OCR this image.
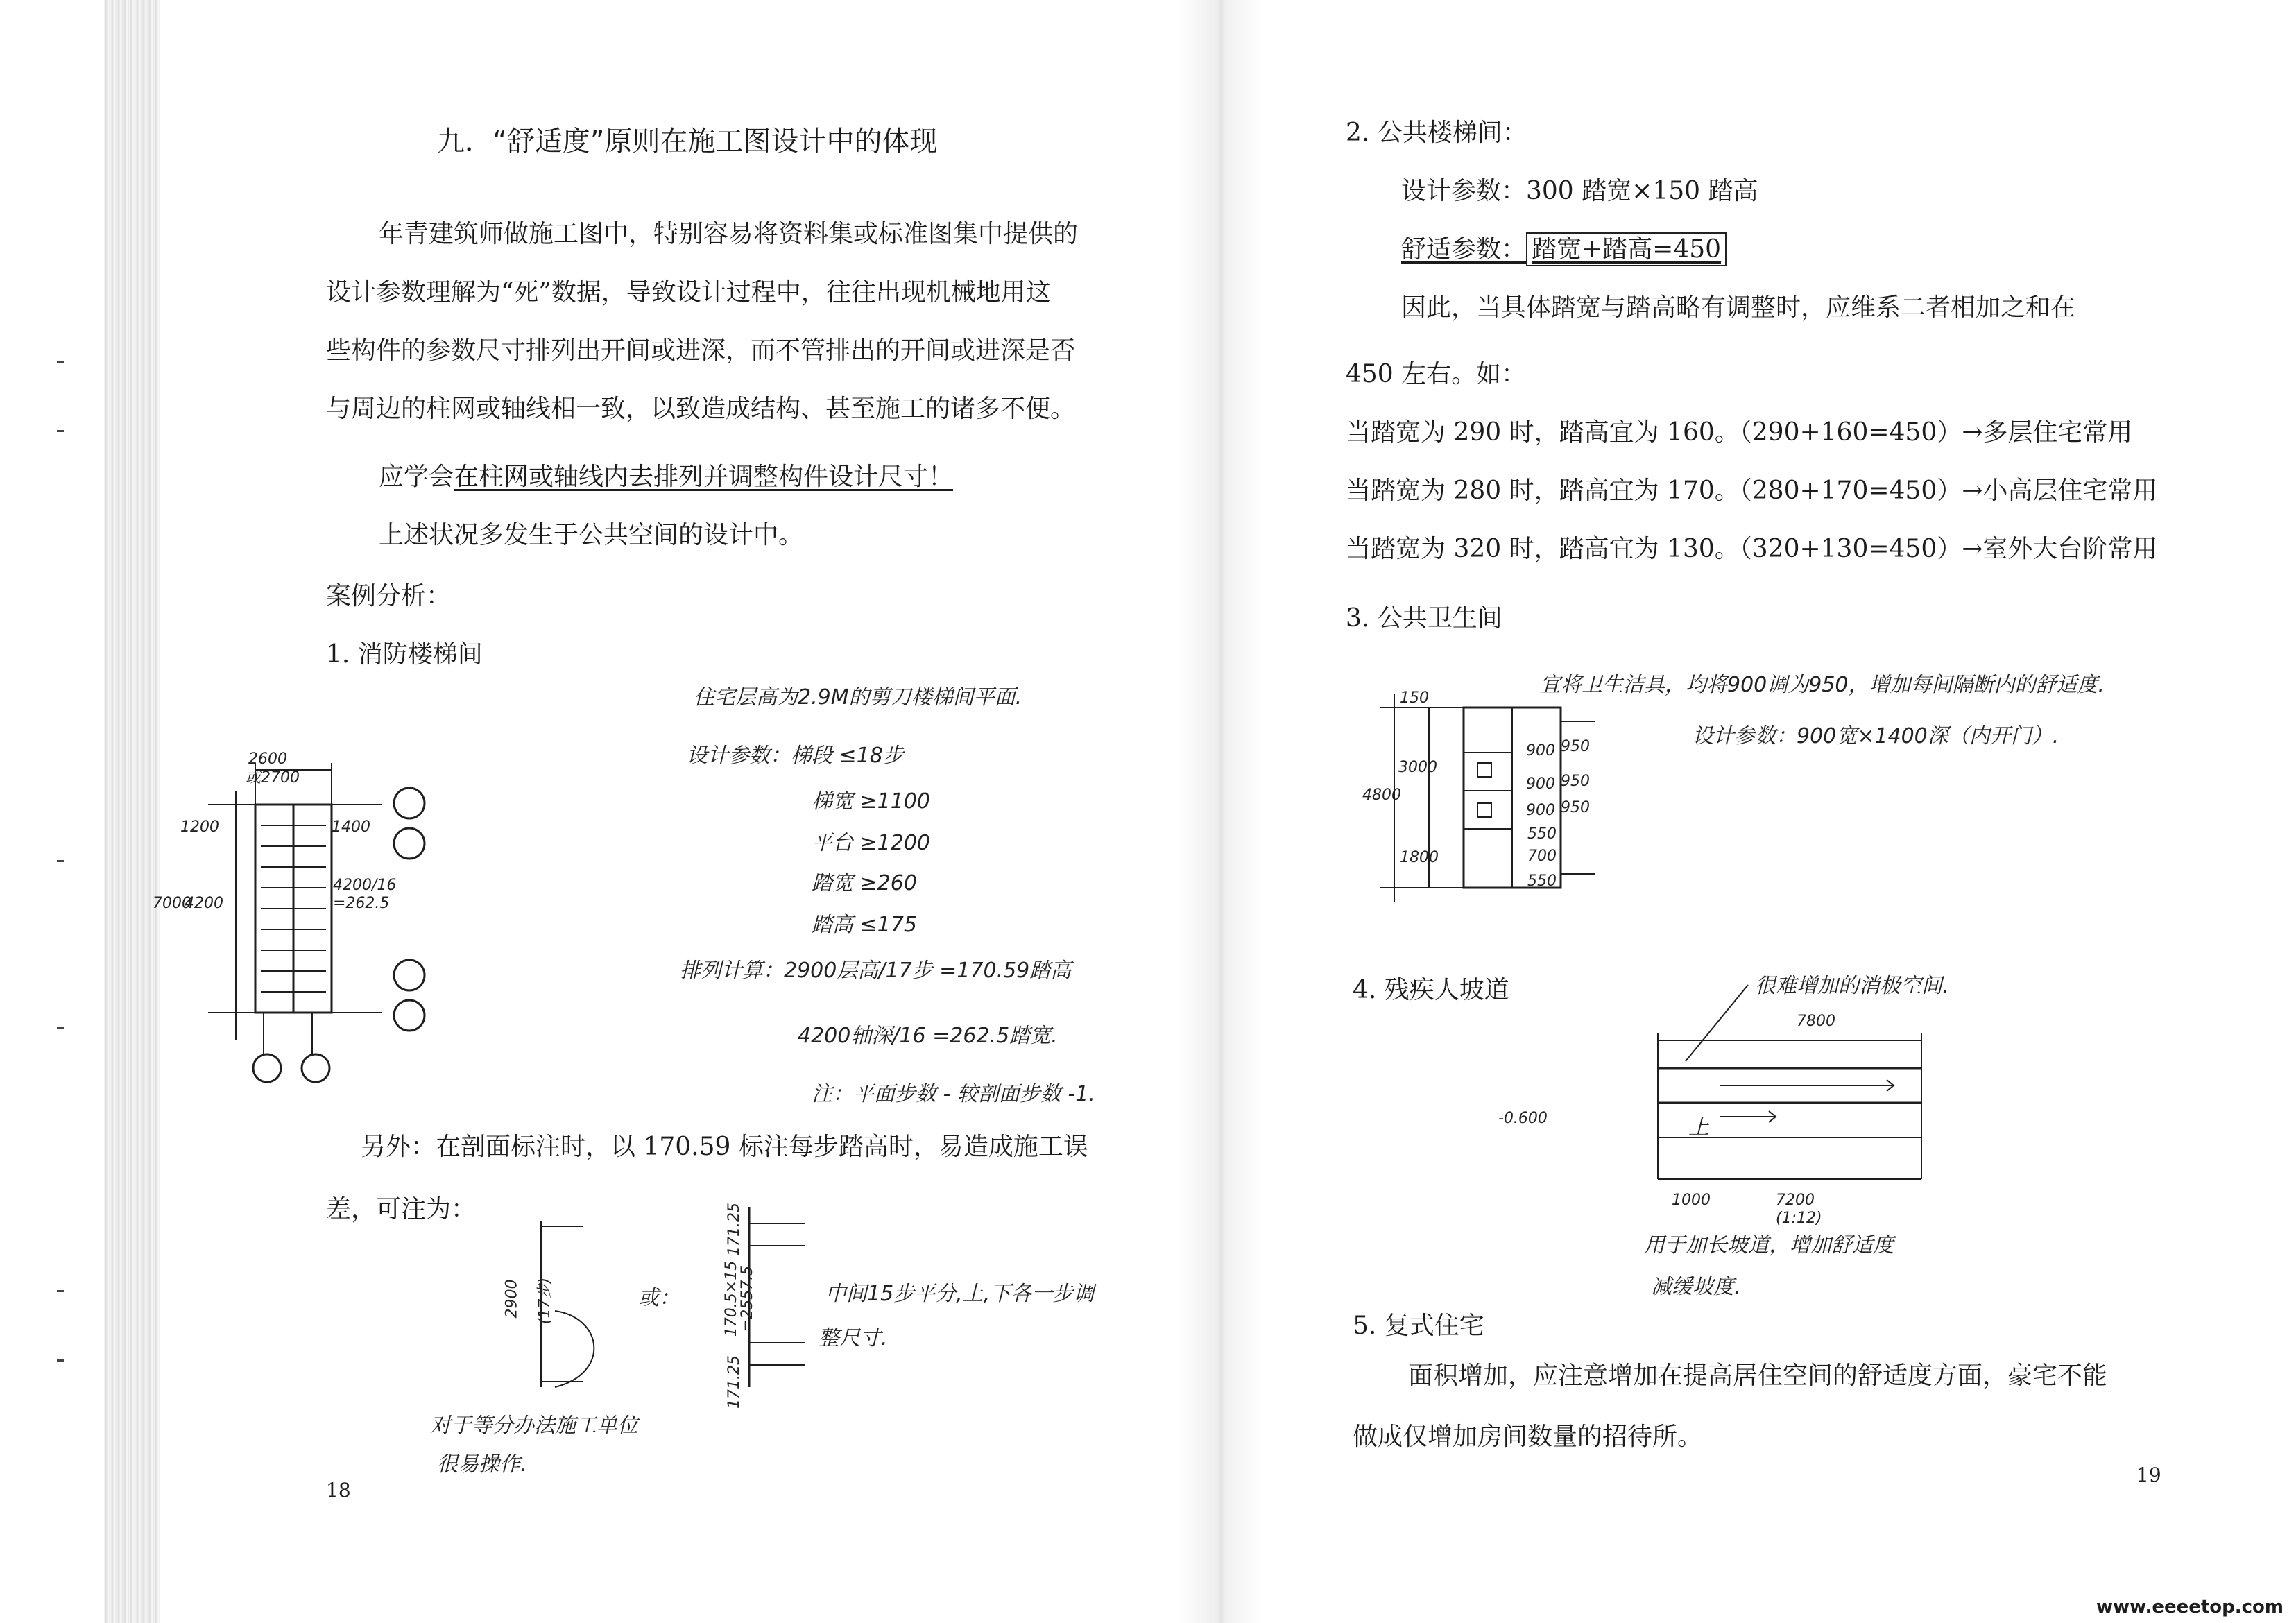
九．“舒适度”原则在施工图设计中的体现
年青建筑师做施工图中，特别容易将资料集或标准图集中提供的
设计参数理解为“死”数据，导致设计过程中，往往出现机械地用这
些构件的参数尺寸排列出开间或进深，而不管排出的开间或进深是否
与周边的柱网或轴线相一致，以致造成结构、甚至施工的诸多不便。
应学会在柱网或轴线内去排列并调整构件设计尺寸！
上述状况多发生于公共空间的设计中。
案例分析：
1. 消防楼梯间
2600
或2700
1200
4200
7000
1400
4200/16
=262.5
住宅层高为2.9M的剪刀楼梯间平面.
设计参数：梯段 ≤18步
梯宽 ≥1100
平台 ≥1200
踏宽 ≥260
踏高 ≤175
排列计算：2900层高/17步 =170.59踏高
4200轴深/16 =262.5踏宽.
注：平面步数 - 较剖面步数 -1.
另外：在剖面标注时，以 170.59 标注每步踏高时，易造成施工误
差，可注为：
2900 (17步)
对于等分办法施工单位
很易操作.
或：
171.25
170.5×15
=2557.5
171.25
中间15步平分,上,下各一步调
整尺寸.
18
2. 公共楼梯间：
设计参数：300 踏宽×150 踏高
舒适参数： 踏宽+踏高=450
因此，当具体踏宽与踏高略有调整时，应维系二者相加之和在
450 左右。如：
当踏宽为 290 时，踏高宜为 160。（290+160=450）→多层住宅常用
当踏宽为 280 时，踏高宜为 170。（280+170=450）→小高层住宅常用
当踏宽为 320 时，踏高宜为 130。（320+130=450）→室外大台阶常用
3. 公共卫生间
150
3000
4800
1800
950
950
950
900
900
900
550
700
550
宜将卫生洁具，均将900调为950，增加每间隔断内的舒适度.
设计参数：900宽×1400深（内开门）.
4. 残疾人坡道	很难增加的消极空间.
7800
-0.600	上
1000	7200
(1:12)
用于加长坡道，增加舒适度
减缓坡度.
5. 复式住宅
面积增加，应注意增加在提高居住空间的舒适度方面，豪宅不能
做成仅增加房间数量的招待所。
19
www.eeeetop.com
